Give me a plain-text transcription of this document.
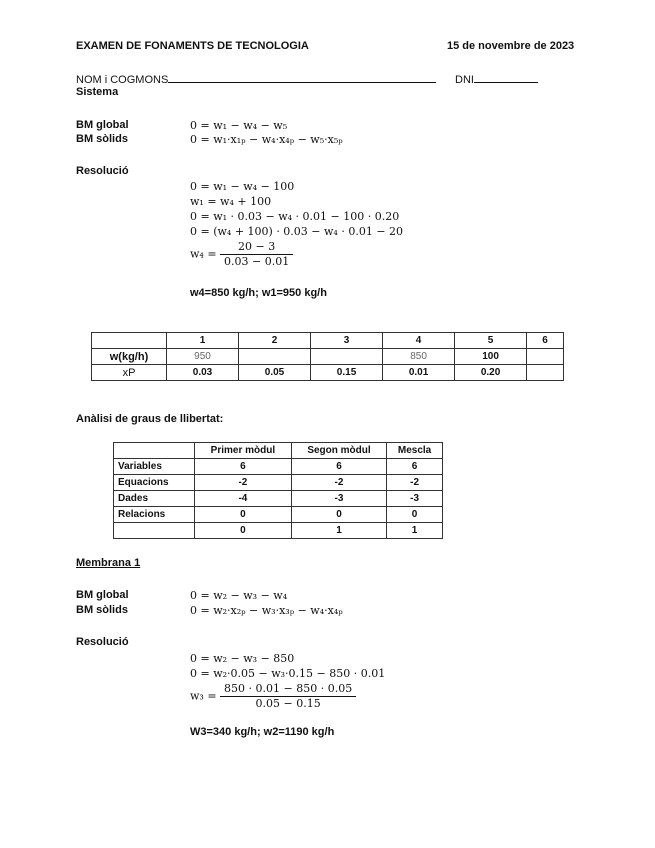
EXAMEN DE FONAMENTS DE TECNOLOGIA	15 de novembre de 2023
NOM i COGMONS	DNI
Sistema
BM global	0 = w₁ − w₄ − w₅
BM sòlids	0 = w₁·x₁ₚ − w₄·x₄ₚ − w₅·x₅ₚ
Resolució
0 = w₁ − w₄ − 100
w₁ = w₄ + 100
0 = w₁ · 0.03 − w₄ · 0.01 − 100 · 0.20
0 = (w₄ + 100) · 0.03 − w₄ · 0.01 − 20
$w_4 = \frac{20 - 3}{0.03 - 0.01}$
w4=850 kg/h; w1=950 kg/h
	1	2	3	4	5	6
w(kg/h)	950			850	100	
xP	0.03	0.05	0.15	0.01	0.20	
Anàlisi de graus de llibertat:
	Primer mòdul	Segon mòdul	Mescla
Variables	6	6	6
Equacions	-2	-2	-2
Dades	-4	-3	-3
Relacions	0	0	0
	0	1	1
Membrana 1
BM global	0 = w₂ − w₃ − w₄
BM sòlids	0 = w₂·x₂ₚ − w₃·x₃ₚ − w₄·x₄ₚ
Resolució
0 = w₂ − w₃ − 850
0 = w₂·0.05 − w₃·0.15 − 850 · 0.01
$w_3 = \frac{850 \cdot 0.01 - 850 \cdot 0.05}{0.05 - 0.15}$
W3=340 kg/h; w2=1190 kg/h
